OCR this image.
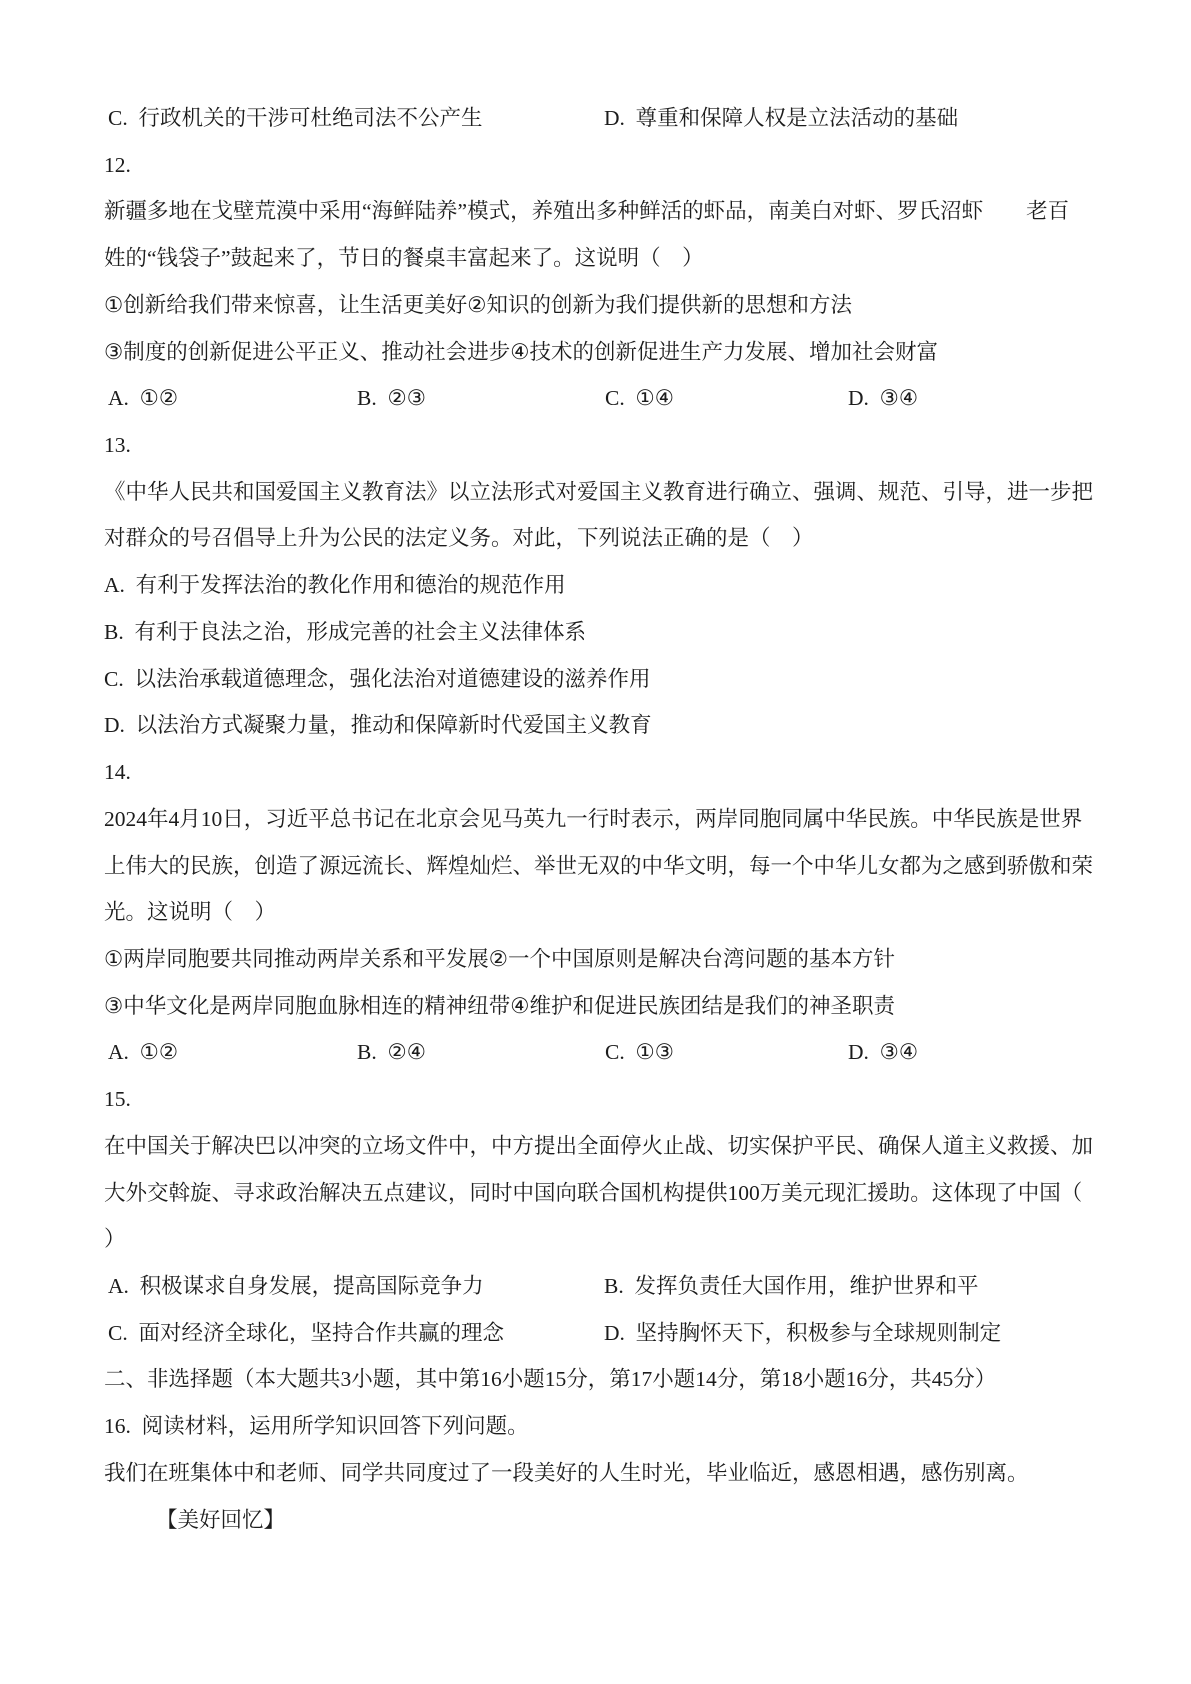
C.  行政机关的干涉可杜绝司法不公产生

	D.  尊重和保障人权是立法活动的基础

12.
新疆多地在戈壁荒漠中采用“海鲜陆养”模式，养殖出多种鲜活的虾品，南美白对虾、罗氏沼虾　　老百
姓的“钱袋子”鼓起来了，节日的餐桌丰富起来了。这说明（　）
①创新给我们带来惊喜，让生活更美好②知识的创新为我们提供新的思想和方法
③制度的创新促进公平正义、推动社会进步④技术的创新促进生产力发展、增加社会财富

A.  ①②

	B.  ②③

	C.  ①④

	D.  ③④

13.
《中华人民共和国爱国主义教育法》以立法形式对爱国主义教育进行确立、强调、规范、引导，进一步把
对群众的号召倡导上升为公民的法定义务。对此，下列说法正确的是（　）
A.  有利于发挥法治的教化作用和德治的规范作用
B.  有利于良法之治，形成完善的社会主义法律体系
C.  以法治承载道德理念，强化法治对道德建设的滋养作用
D.  以法治方式凝聚力量，推动和保障新时代爱国主义教育
14.
2024年4月10日，习近平总书记在北京会见马英九一行时表示，两岸同胞同属中华民族。中华民族是世界
上伟大的民族，创造了源远流长、辉煌灿烂、举世无双的中华文明，每一个中华儿女都为之感到骄傲和荣
光。这说明（　）
①两岸同胞要共同推动两岸关系和平发展②一个中国原则是解决台湾问题的基本方针
③中华文化是两岸同胞血脉相连的精神纽带④维护和促进民族团结是我们的神圣职责

A.  ①②

	B.  ②④

	C.  ①③

	D.  ③④

15.
在中国关于解决巴以冲突的立场文件中，中方提出全面停火止战、切实保护平民、确保人道主义救援、加
大外交斡旋、寻求政治解决五点建议，同时中国向联合国机构提供100万美元现汇援助。这体现了中国（
）

A.  积极谋求自身发展，提高国际竞争力

	B.  发挥负责任大国作用，维护世界和平

C.  面对经济全球化，坚持合作共赢的理念

	D.  坚持胸怀天下，积极参与全球规则制定

二、非选择题（本大题共3小题，其中第16小题15分，第17小题14分，第18小题16分，共45分）
16.  阅读材料，运用所学知识回答下列问题。
我们在班集体中和老师、同学共同度过了一段美好的人生时光，毕业临近，感恩相遇，感伤别离。
【美好回忆】
